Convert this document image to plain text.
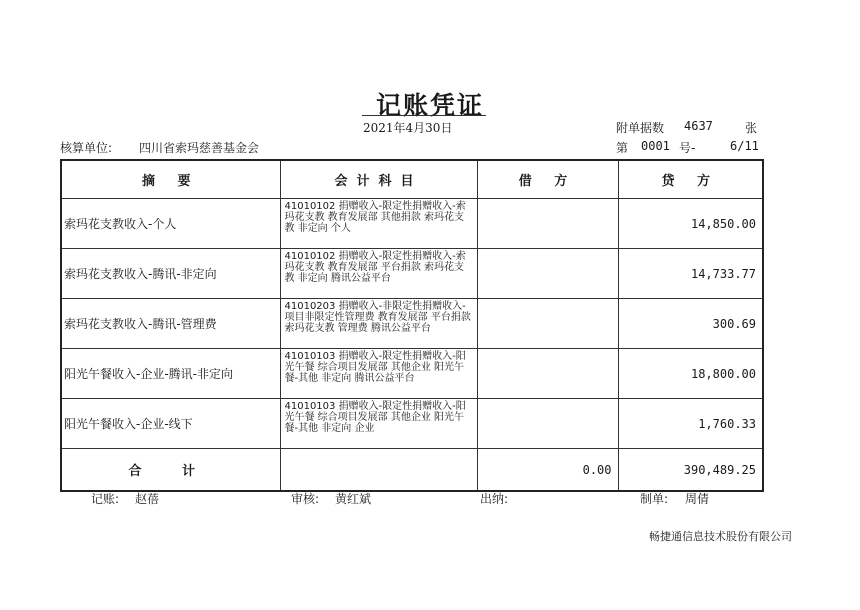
记账凭证
2021年4月30日	附单据数 4637	张
核算单位: 四川省索玛慈善基金会	第 0001 号-	6/11
摘 要	会计科目	借 方	贷 方
索玛花支教收入-个人	41010102 捐赠收入-限定性捐赠收入-索玛花支教 教育发展部 其他捐款 索玛花支教 非定向 个人		14,850.00
索玛花支教收入-腾讯-非定向	41010102 捐赠收入-限定性捐赠收入-索玛花支教 教育发展部 平台捐款 索玛花支教 非定向 腾讯公益平台		14,733.77
索玛花支教收入-腾讯-管理费	41010203 捐赠收入-非限定性捐赠收入-项目非限定性管理费 教育发展部 平台捐款 索玛花支教 管理费 腾讯公益平台		300.69
阳光午餐收入-企业-腾讯-非定向	41010103 捐赠收入-限定性捐赠收入-阳光午餐 综合项目发展部 其他企业 阳光午餐-其他 非定向 腾讯公益平台		18,800.00
阳光午餐收入-企业-线下	41010103 捐赠收入-限定性捐赠收入-阳光午餐 综合项目发展部 其他企业 阳光午餐-其他 非定向 企业		1,760.33
合 计		0.00	390,489.25
记账: 赵蓓	审核: 黄红斌	出纳:	制单: 周倩
畅捷通信息技术股份有限公司
